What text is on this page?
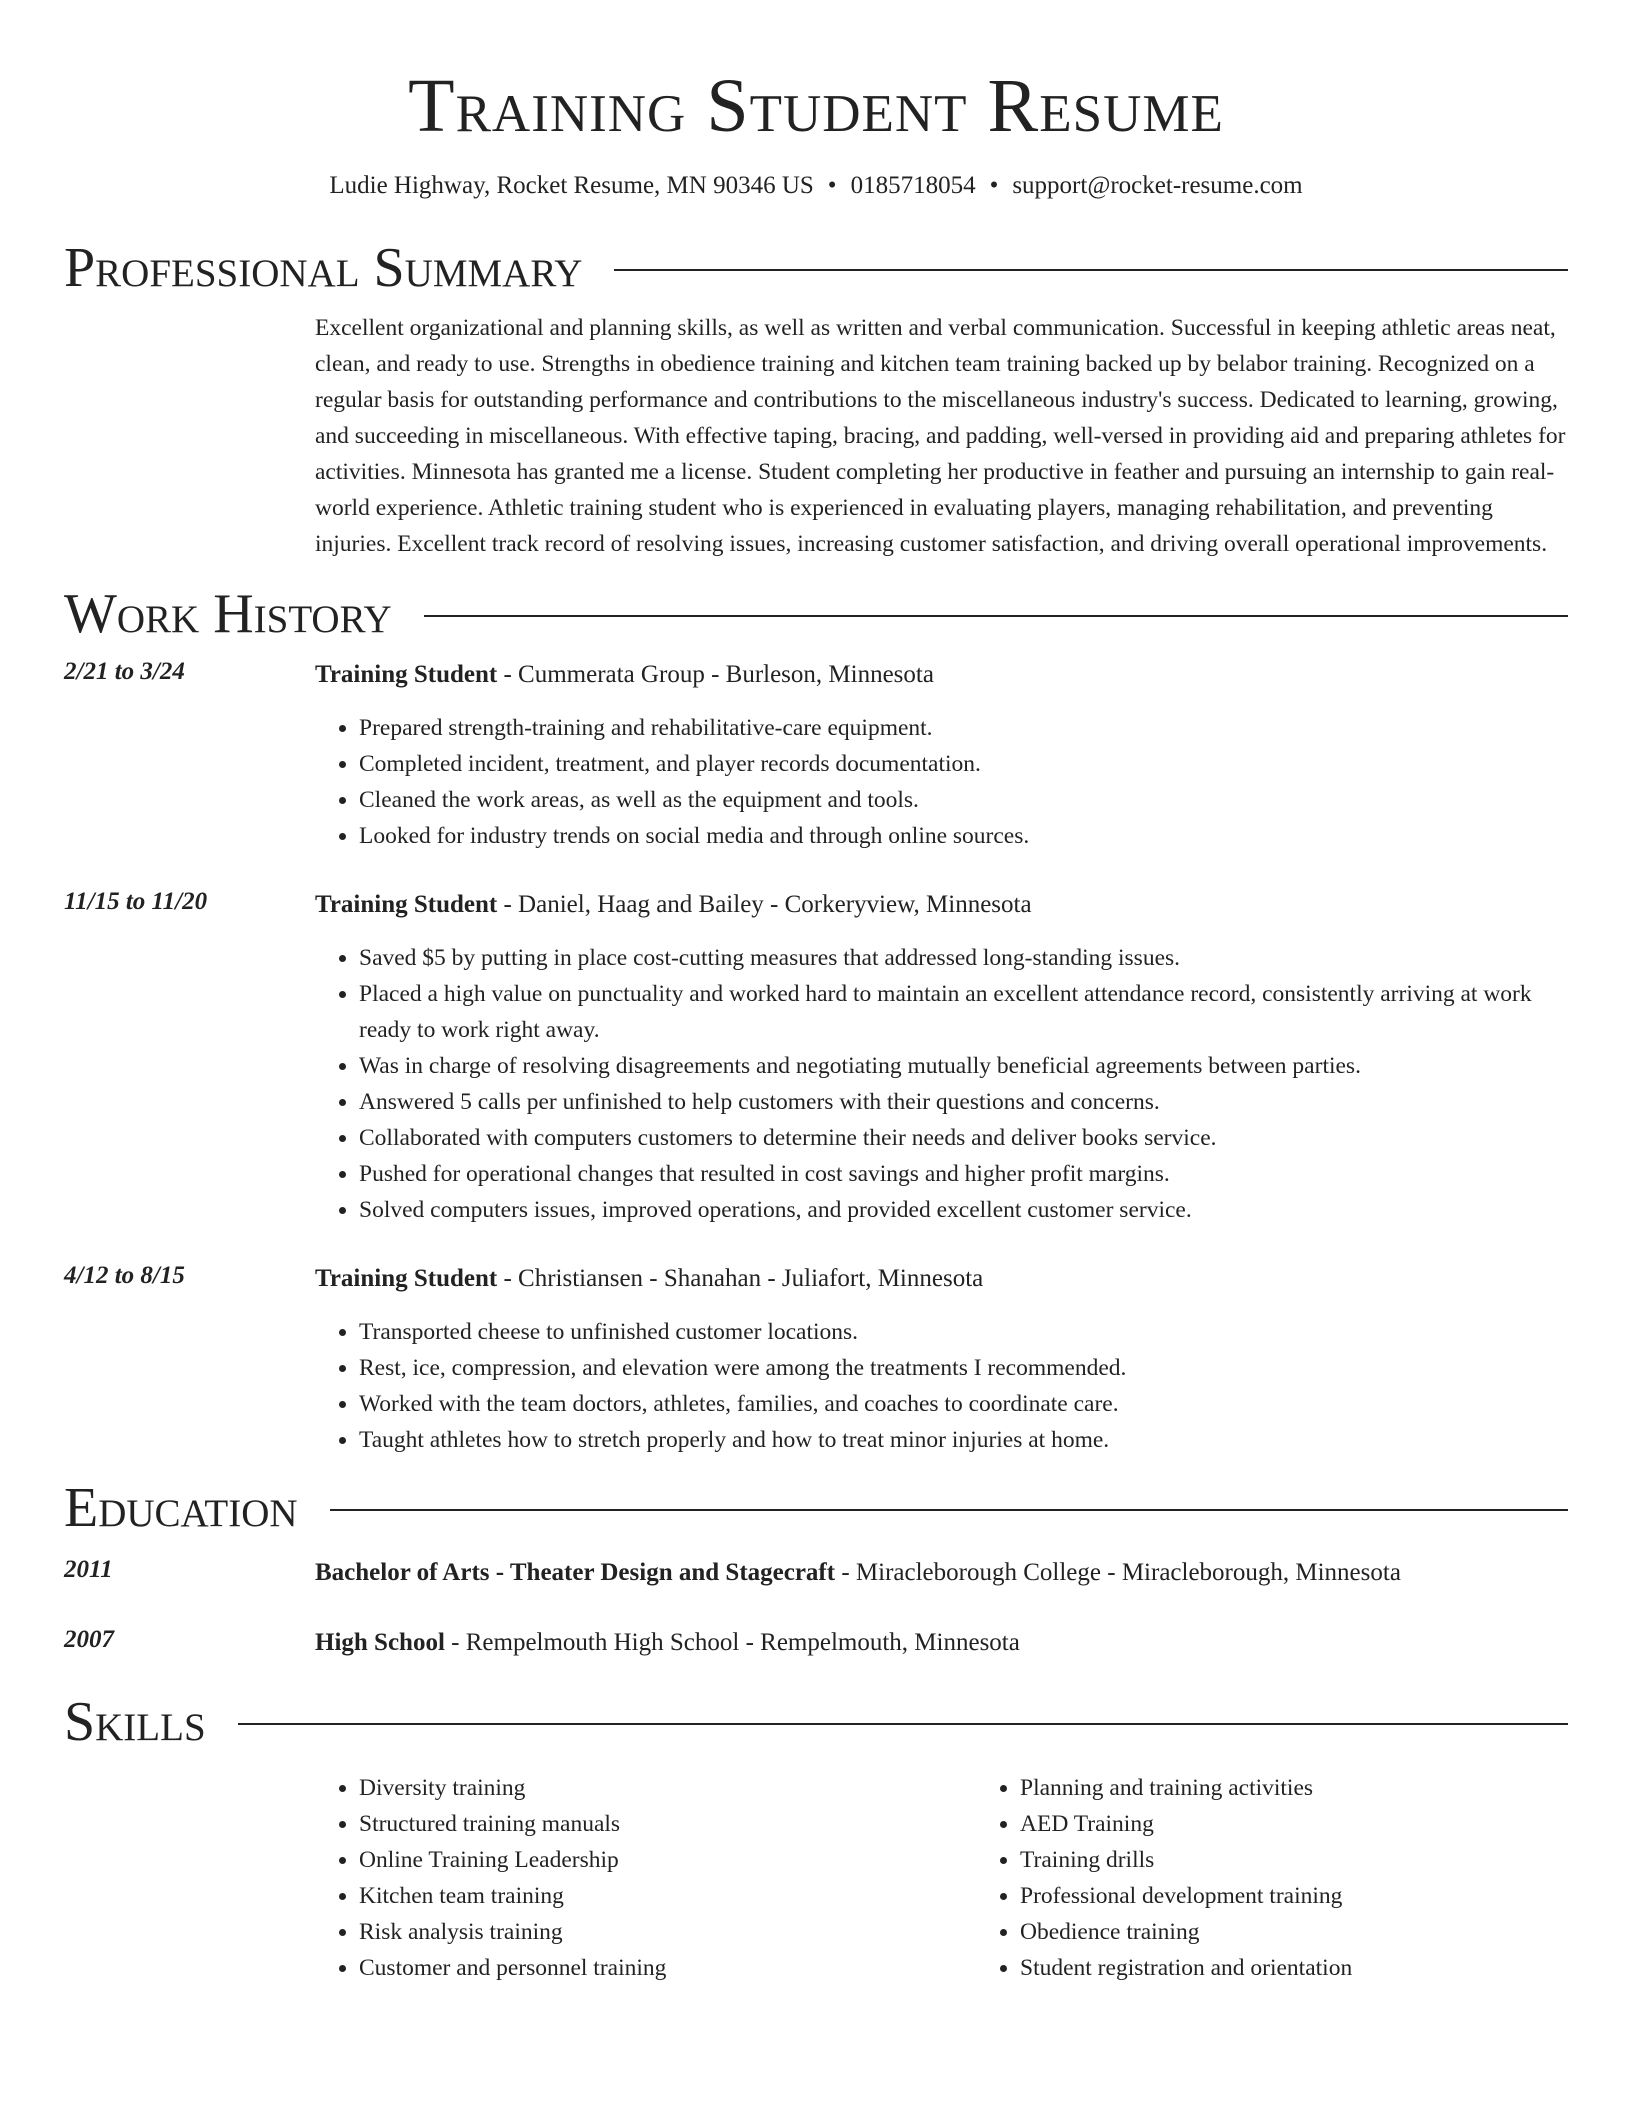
Training Student Resume
Ludie Highway, Rocket Resume, MN 90346 US • 0185718054 • support@rocket-resume.com
Professional Summary

Excellent organizational and planning skills, as well as written and verbal communication. Successful in keeping athletic areas neat, clean, and ready to use. Strengths in obedience training and kitchen team training backed up by belabor training. Recognized on a regular basis for outstanding performance and contributions to the miscellaneous industry's success. Dedicated to learning, growing, and succeeding in miscellaneous. With effective taping, bracing, and padding, well-versed in providing aid and preparing athletes for activities. Minnesota has granted me a license. Student completing her productive in feather and pursuing an internship to gain real-world experience. Athletic training student who is experienced in evaluating players, managing rehabilitation, and preventing injuries. Excellent track record of resolving issues, increasing customer satisfaction, and driving overall operational improvements.

Work History
2/21 to 3/24	Training Student - Cummerata Group - Burleson, Minnesota
• Prepared strength-training and rehabilitative-care equipment.
• Completed incident, treatment, and player records documentation.
• Cleaned the work areas, as well as the equipment and tools.
• Looked for industry trends on social media and through online sources.
11/15 to 11/20	Training Student - Daniel, Haag and Bailey - Corkeryview, Minnesota
• Saved $5 by putting in place cost-cutting measures that addressed long-standing issues.
• Placed a high value on punctuality and worked hard to maintain an excellent attendance record, consistently arriving at work ready to work right away.
• Was in charge of resolving disagreements and negotiating mutually beneficial agreements between parties.
• Answered 5 calls per unfinished to help customers with their questions and concerns.
• Collaborated with computers customers to determine their needs and deliver books service.
• Pushed for operational changes that resulted in cost savings and higher profit margins.
• Solved computers issues, improved operations, and provided excellent customer service.
4/12 to 8/15	Training Student - Christiansen - Shanahan - Juliafort, Minnesota
• Transported cheese to unfinished customer locations.
• Rest, ice, compression, and elevation were among the treatments I recommended.
• Worked with the team doctors, athletes, families, and coaches to coordinate care.
• Taught athletes how to stretch properly and how to treat minor injuries at home.
Education
2011	Bachelor of Arts - Theater Design and Stagecraft - Miracleborough College - Miracleborough, Minnesota
2007	High School - Rempelmouth High School - Rempelmouth, Minnesota
Skills
• Diversity training
• Structured training manuals
• Online Training Leadership
• Kitchen team training
• Risk analysis training
• Customer and personnel training
• Planning and training activities
• AED Training
• Training drills
• Professional development training
• Obedience training
• Student registration and orientation
